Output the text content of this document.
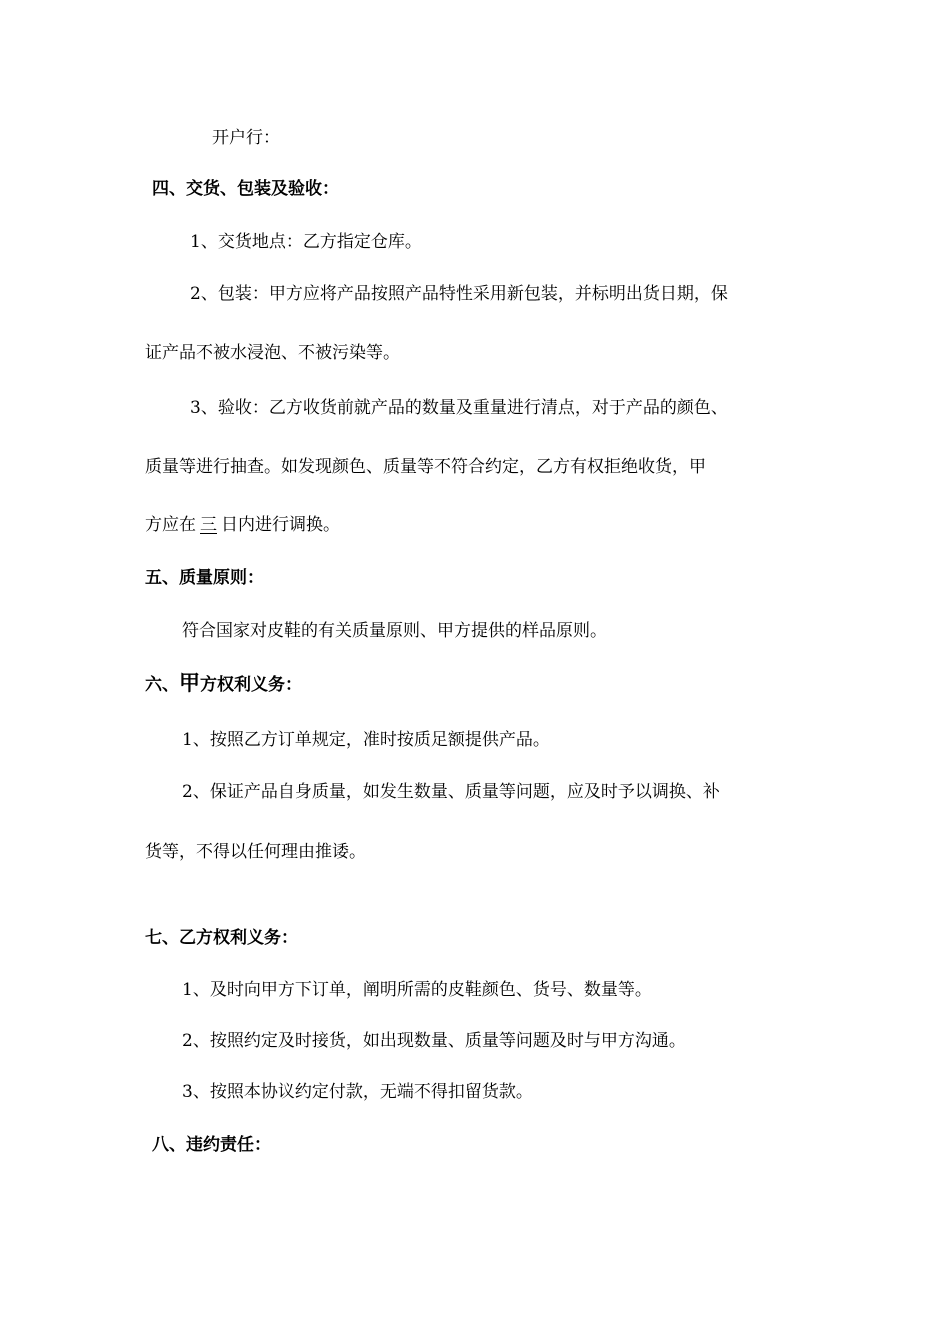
开户行：
四、交货、包装及验收：
1、交货地点：乙方指定仓库。
2、包装：甲方应将产品按照产品特性采用新包装，并标明出货日期，保
证产品不被水浸泡、不被污染等。
3、验收：乙方收货前就产品的数量及重量进行清点，对于产品的颜色、
质量等进行抽查。如发现颜色、质量等不符合约定，乙方有权拒绝收货，甲
方应在 三 日内进行调换。
五、质量原则：
符合国家对皮鞋的有关质量原则、甲方提供的样品原则。
六、甲方权利义务：
1、按照乙方订单规定，准时按质足额提供产品。
2、保证产品自身质量，如发生数量、质量等问题，应及时予以调换、补
货等，不得以任何理由推诿。
七、乙方权利义务：
1、及时向甲方下订单，阐明所需的皮鞋颜色、货号、数量等。
2、按照约定及时接货，如出现数量、质量等问题及时与甲方沟通。
3、按照本协议约定付款，无端不得扣留货款。
八、违约责任：
